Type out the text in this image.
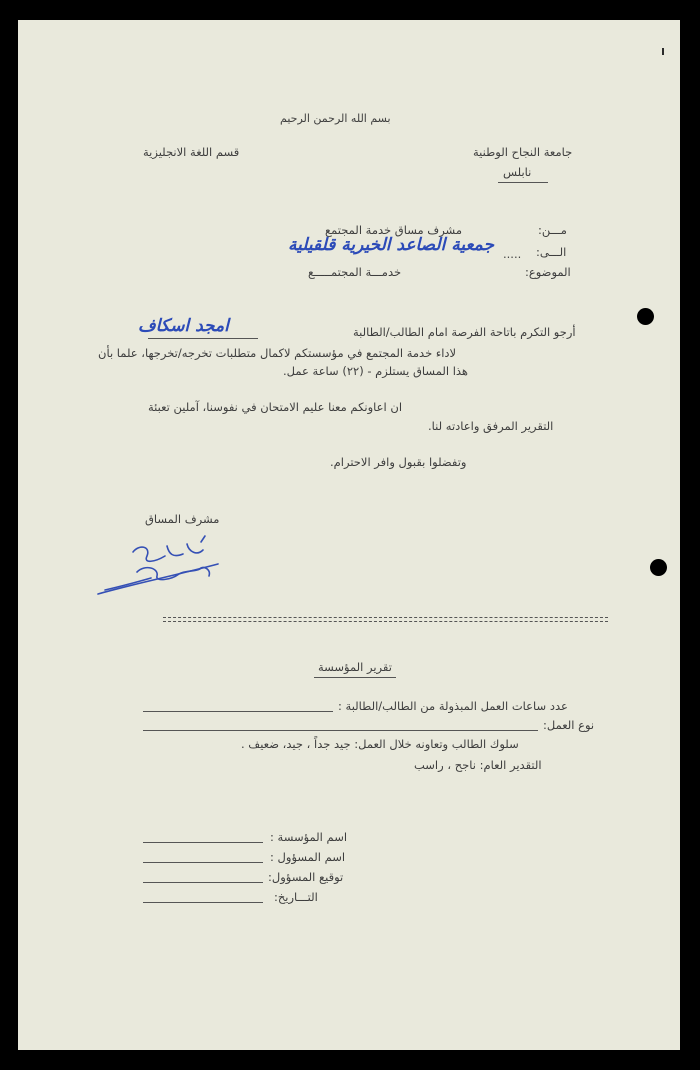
بسم الله الرحمن الرحيم
جامعة النجاح الوطنية
نابلس
قسم اللغة الانجليزية
مـــن:
مشرف مساق خدمة المجتمع
الـــى:
.....
جمعية الصاعد الخيرية قلقيلية
الموضوع:
خدمـــة المجتمـــــع
أرجو التكرم باتاحة الفرصة امام الطالب/الطالبة
امجد اسكاف
لاداء خدمة المجتمع في مؤسستكم لاكمال متطلبات تخرجه/تخرجها، علما بأن
هذا المساق يستلزم - (٢٢) ساعة عمل.
ان اعاونكم معنا عليم الامتحان في نفوسنا، آملين تعبئة
التقرير المرفق واعادته لنا.
وتفضلوا بقبول وافر الاحترام.
مشرف المساق
تقرير المؤسسة
عدد ساعات العمل المبذولة من الطالب/الطالبة :
نوع العمل:
سلوك الطالب وتعاونه خلال العمل: جيد جداً ، جيد، ضعيف .
التقدير العام: ناجح ، راسب
اسم المؤسسة :
اسم المسؤول :
توقيع المسؤول:
التـــاريخ:
